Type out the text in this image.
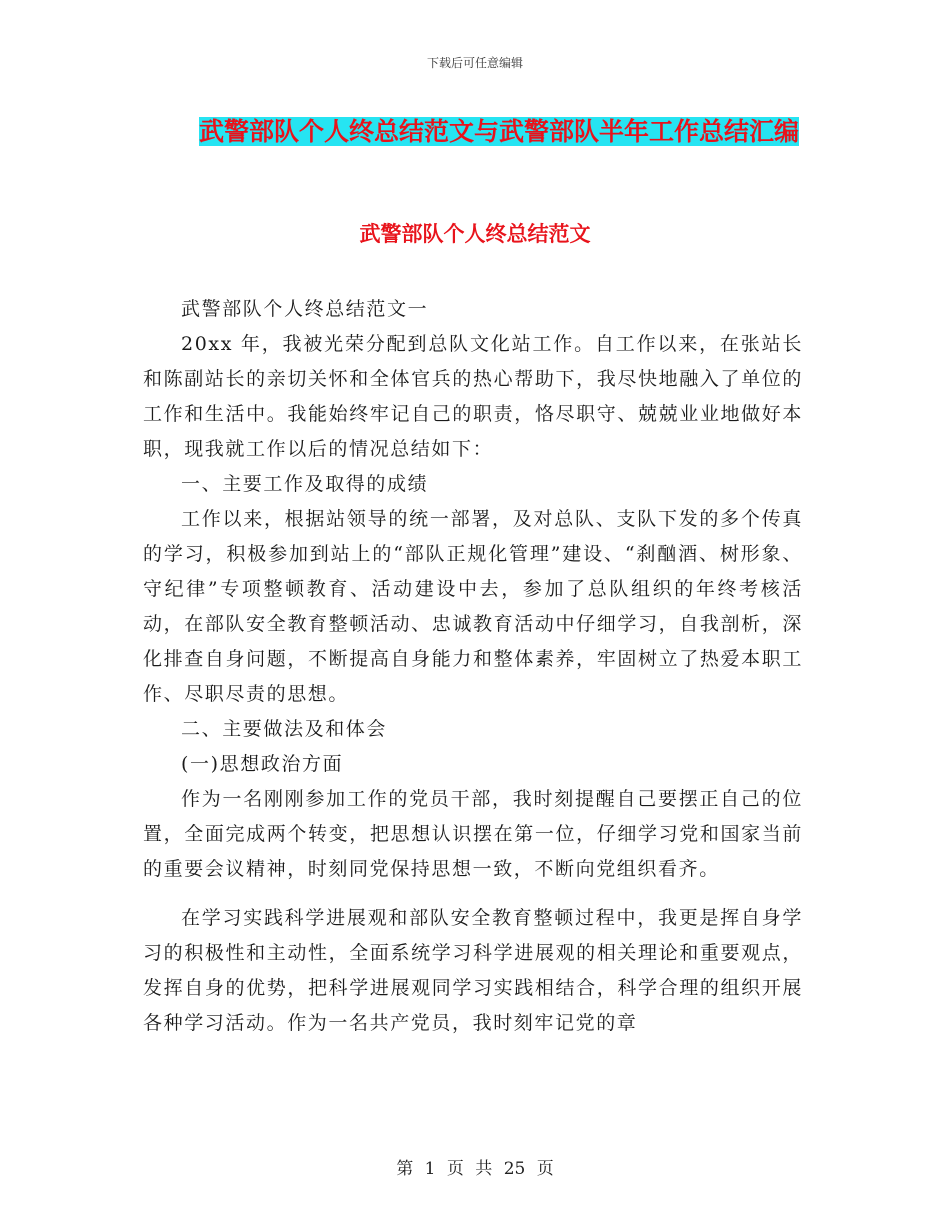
下载后可任意编辑
武警部队个人终总结范文与武警部队半年工作总结汇编
武警部队个人终总结范文

武警部队个人终总结范文一

20xx 年，我被光荣分配到总队文化站工作。自工作以来，在张站长和陈副站长的亲切关怀和全体官兵的热心帮助下，我尽快地融入了单位的工作和生活中。我能始终牢记自己的职责，恪尽职守、兢兢业业地做好本职，现我就工作以后的情况总结如下：

一、主要工作及取得的成绩

工作以来，根据站领导的统一部署，及对总队、支队下发的多个传真的学习，积极参加到站上的“部队正规化管理”建设、“刹酗酒、树形象、守纪律”专项整顿教育、活动建设中去，参加了总队组织的年终考核活动，在部队安全教育整顿活动、忠诚教育活动中仔细学习，自我剖析，深化排查自身问题，不断提高自身能力和整体素养，牢固树立了热爱本职工作、尽职尽责的思想。

二、主要做法及和体会

(一)思想政治方面

作为一名刚刚参加工作的党员干部，我时刻提醒自己要摆正自己的位置，全面完成两个转变，把思想认识摆在第一位，仔细学习党和国家当前的重要会议精神，时刻同党保持思想一致，不断向党组织看齐。

在学习实践科学进展观和部队安全教育整顿过程中，我更是挥自身学习的积极性和主动性，全面系统学习科学进展观的相关理论和重要观点，发挥自身的优势，把科学进展观同学习实践相结合，科学合理的组织开展各种学习活动。作为一名共产党员，我时刻牢记党的章

第 1 页 共 25 页
